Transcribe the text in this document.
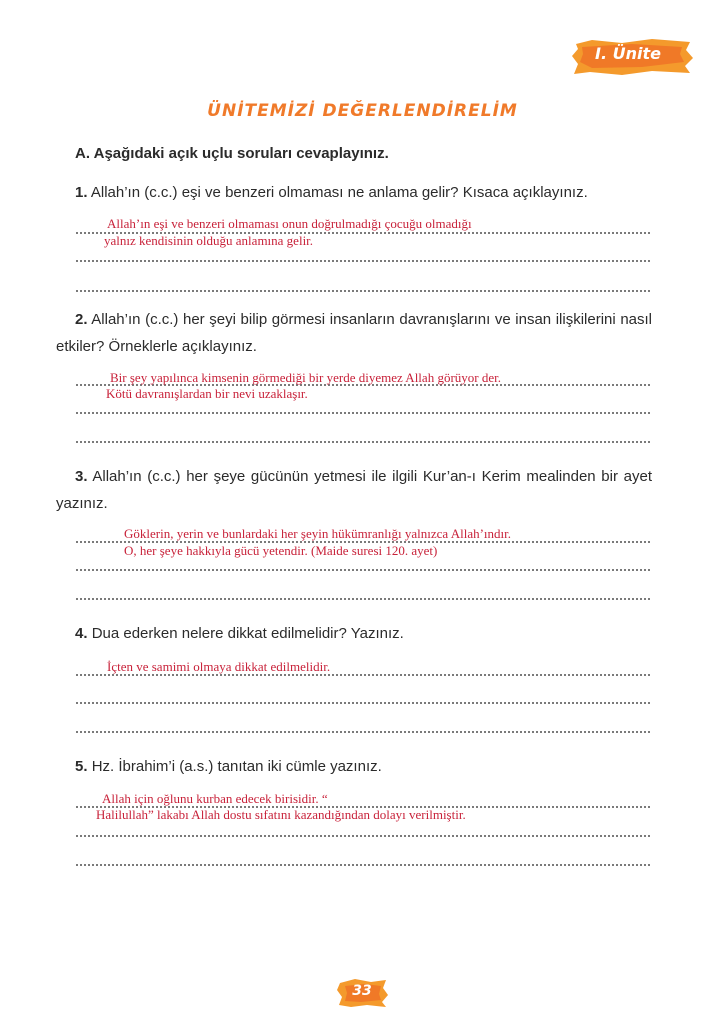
I. Ünite
ÜNİTEMİZİ DEĞERLENDİRELİM
A. Aşağıdaki açık uçlu soruları cevaplayınız.
1. Allah’ın (c.c.) eşi ve benzeri olmaması ne anlama gelir? Kısaca açıklayınız.
Allah’ın eşi ve benzeri olmaması onun doğrulmadığı çocuğu olmadığı
yalnız kendisinin olduğu anlamına gelir.
2. Allah’ın (c.c.) her şeyi bilip görmesi insanların davranışlarını ve insan ilişkilerini nasıl etkiler? Örneklerle açıklayınız.
Bir şey yapılınca kimsenin görmediği bir yerde diyemez Allah görüyor der.
Kötü davranışlardan bir nevi uzaklaşır.
3. Allah’ın (c.c.) her şeye gücünün yetmesi ile ilgili Kur’an-ı Kerim mealinden bir ayet yazınız.
Göklerin, yerin ve bunlardaki her şeyin hükümranlığı yalnızca Allah’ındır.
O, her şeye hakkıyla gücü yetendir. (Maide suresi 120. ayet)
4. Dua ederken nelere dikkat edilmelidir? Yazınız.
İçten ve samimi olmaya dikkat edilmelidir.
5. Hz. İbrahim’i (a.s.) tanıtan iki cümle yazınız.
Allah için oğlunu kurban edecek birisidir. “
Halilullah” lakabı Allah dostu sıfatını kazandığından dolayı verilmiştir.
33
